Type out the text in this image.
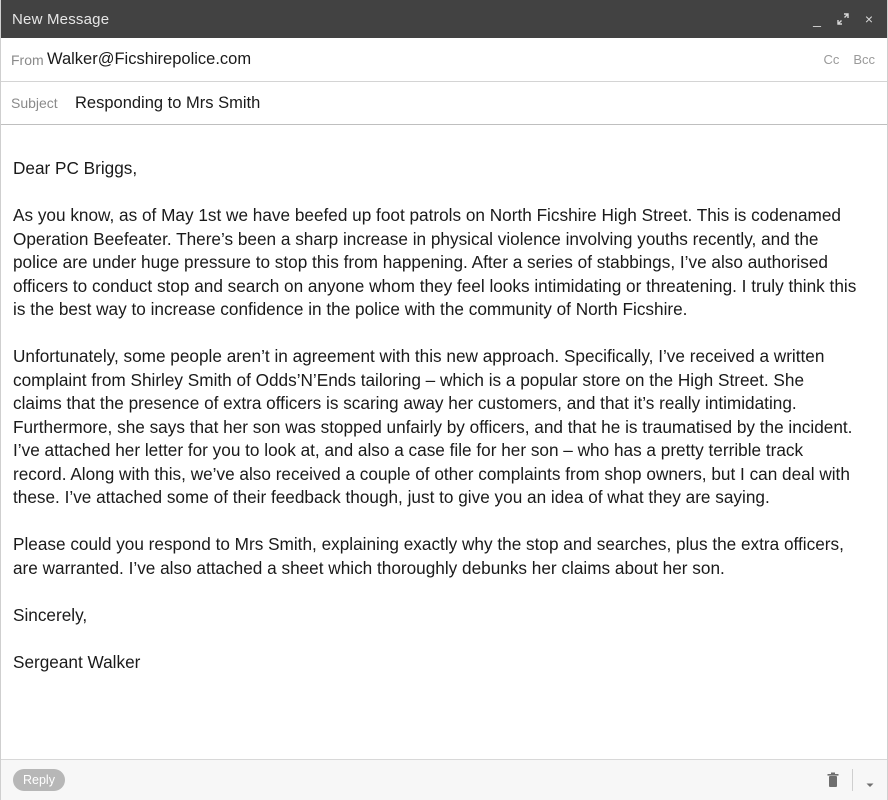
New Message	_	×
From Walker@Ficshirepolice.com	Cc Bcc
Subject	Responding to Mrs Smith

Dear PC Briggs,

As you know, as of May 1st we have beefed up foot patrols on North Ficshire High Street. This is codenamed Operation Beefeater. There’s been a sharp increase in physical violence involving youths recently, and the police are under huge pressure to stop this from happening. After a series of stabbings, I’ve also authorised officers to conduct stop and search on anyone whom they feel looks intimidating or threatening. I truly think this is the best way to increase confidence in the police with the community of North Ficshire.

Unfortunately, some people aren’t in agreement with this new approach. Specifically, I’ve received a written complaint from Shirley Smith of Odds’N’Ends tailoring – which is a popular store on the High Street. She claims that the presence of extra officers is scaring away her customers, and that it’s really intimidating. Furthermore, she says that her son was stopped unfairly by officers, and that he is traumatised by the incident. I’ve attached her letter for you to look at, and also a case file for her son – who has a pretty terrible track record. Along with this, we’ve also received a couple of other complaints from shop owners, but I can deal with these. I’ve attached some of their feedback though, just to give you an idea of what they are saying.

Please could you respond to Mrs Smith, explaining exactly why the stop and searches, plus the extra officers, are warranted. I’ve also attached a sheet which thoroughly debunks her claims about her son.

Sincerely,

Sergeant Walker

Reply
